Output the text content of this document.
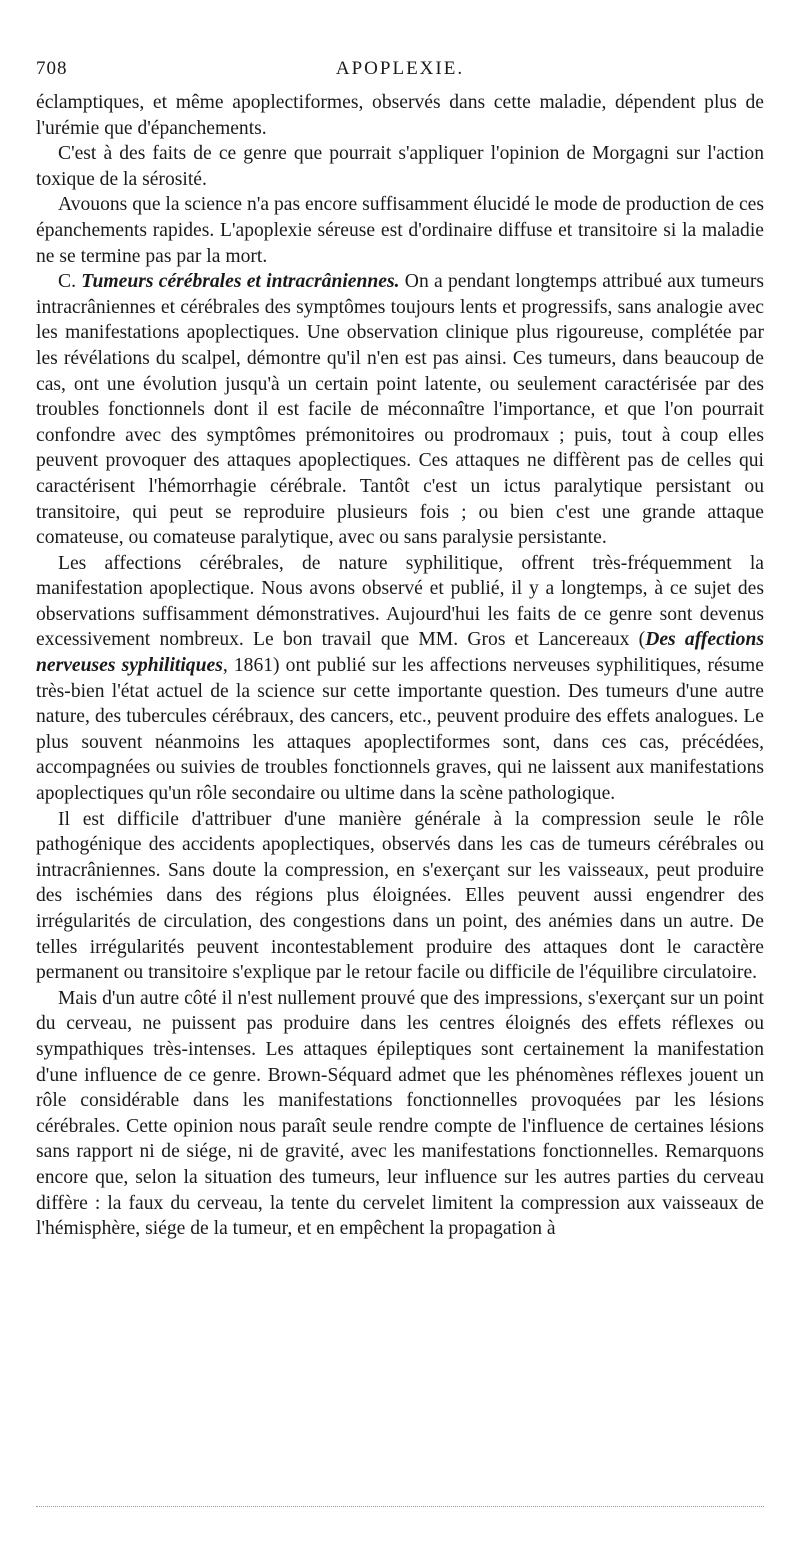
708	APOPLEXIE.

éclamptiques, et même apoplectiformes, observés dans cette maladie, dépendent plus de l'urémie que d'épanchements.

C'est à des faits de ce genre que pourrait s'appliquer l'opinion de Morgagni sur l'action toxique de la sérosité.

Avouons que la science n'a pas encore suffisamment élucidé le mode de production de ces épanchements rapides. L'apoplexie séreuse est d'ordinaire diffuse et transitoire si la maladie ne se termine pas par la mort.

C. Tumeurs cérébrales et intracrâniennes. On a pendant longtemps attribué aux tumeurs intracrâniennes et cérébrales des symptômes toujours lents et progressifs, sans analogie avec les manifestations apoplectiques. Une observation clinique plus rigoureuse, complétée par les révélations du scalpel, démontre qu'il n'en est pas ainsi. Ces tumeurs, dans beaucoup de cas, ont une évolution jusqu'à un certain point latente, ou seulement caractérisée par des troubles fonctionnels dont il est facile de méconnaître l'importance, et que l'on pourrait confondre avec des symptômes prémonitoires ou prodromaux ; puis, tout à coup elles peuvent provoquer des attaques apoplectiques. Ces attaques ne diffèrent pas de celles qui caractérisent l'hémorrhagie cérébrale. Tantôt c'est un ictus paralytique persistant ou transitoire, qui peut se reproduire plusieurs fois ; ou bien c'est une grande attaque comateuse, ou comateuse paralytique, avec ou sans paralysie persistante.

Les affections cérébrales, de nature syphilitique, offrent très-fréquemment la manifestation apoplectique. Nous avons observé et publié, il y a longtemps, à ce sujet des observations suffisamment démonstratives. Aujourd'hui les faits de ce genre sont devenus excessivement nombreux. Le bon travail que MM. Gros et Lancereaux (Des affections nerveuses syphilitiques, 1861) ont publié sur les affections nerveuses syphilitiques, résume très-bien l'état actuel de la science sur cette importante question. Des tumeurs d'une autre nature, des tubercules cérébraux, des cancers, etc., peuvent produire des effets analogues. Le plus souvent néanmoins les attaques apoplectiformes sont, dans ces cas, précédées, accompagnées ou suivies de troubles fonctionnels graves, qui ne laissent aux manifestations apoplectiques qu'un rôle secondaire ou ultime dans la scène pathologique.

Il est difficile d'attribuer d'une manière générale à la compression seule le rôle pathogénique des accidents apoplectiques, observés dans les cas de tumeurs cérébrales ou intracrâniennes. Sans doute la compression, en s'exerçant sur les vaisseaux, peut produire des ischémies dans des régions plus éloignées. Elles peuvent aussi engendrer des irrégularités de circulation, des congestions dans un point, des anémies dans un autre. De telles irrégularités peuvent incontestablement produire des attaques dont le caractère permanent ou transitoire s'explique par le retour facile ou difficile de l'équilibre circulatoire.

Mais d'un autre côté il n'est nullement prouvé que des impressions, s'exerçant sur un point du cerveau, ne puissent pas produire dans les centres éloignés des effets réflexes ou sympathiques très-intenses. Les attaques épileptiques sont certainement la manifestation d'une influence de ce genre. Brown-Séquard admet que les phénomènes réflexes jouent un rôle considérable dans les manifestations fonctionnelles provoquées par les lésions cérébrales. Cette opinion nous paraît seule rendre compte de l'influence de certaines lésions sans rapport ni de siége, ni de gravité, avec les manifestations fonctionnelles. Remarquons encore que, selon la situation des tumeurs, leur influence sur les autres parties du cerveau diffère : la faux du cerveau, la tente du cervelet limitent la compression aux vaisseaux de l'hémisphère, siége de la tumeur, et en empêchent la propagation à
